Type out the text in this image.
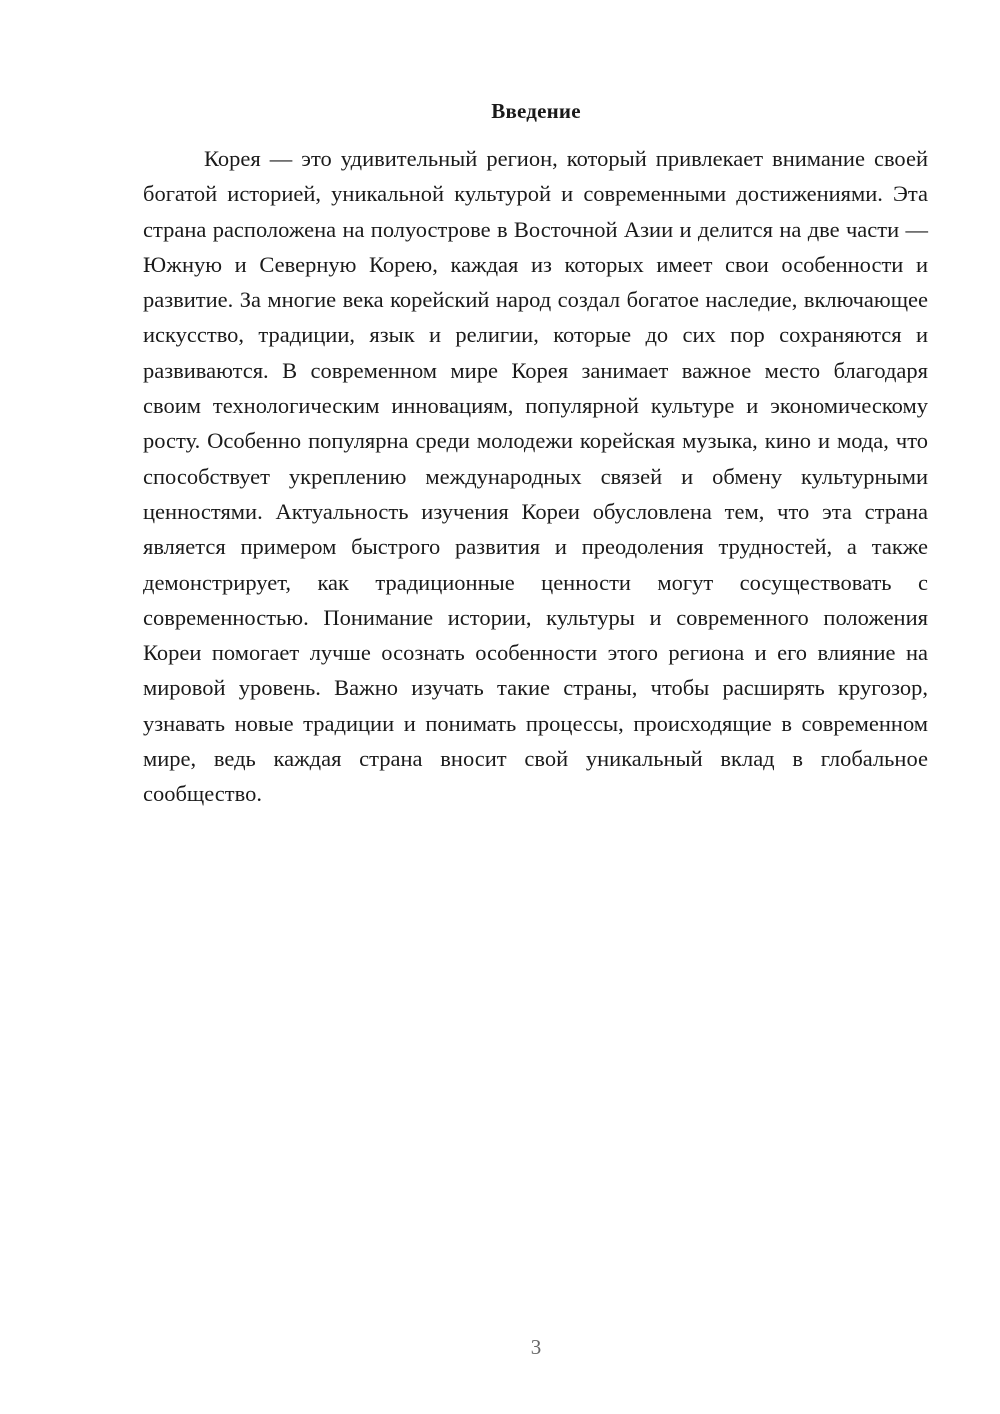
Введение

Корея — это удивительный регион, который привлекает внимание своей богатой историей, уникальной культурой и современными достижениями. Эта страна расположена на полуострове в Восточной Азии и делится на две части — Южную и Северную Корею, каждая из которых имеет свои особенности и развитие. За многие века корейский народ создал богатое наследие, включающее искусство, традиции, язык и религии, которые до сих пор сохраняются и развиваются. В современном мире Корея занимает важное место благодаря своим технологическим инновациям, популярной культуре и экономическому росту. Особенно популярна среди молодежи корейская музыка, кино и мода, что способствует укреплению международных связей и обмену культурными ценностями. Актуальность изучения Кореи обусловлена тем, что эта страна является примером быстрого развития и преодоления трудностей, а также демонстрирует, как традиционные ценности могут сосуществовать с современностью. Понимание истории, культуры и современного положения Кореи помогает лучше осознать особенности этого региона и его влияние на мировой уровень. Важно изучать такие страны, чтобы расширять кругозор, узнавать новые традиции и понимать процессы, происходящие в современном мире, ведь каждая страна вносит свой уникальный вклад в глобальное сообщество.

3
